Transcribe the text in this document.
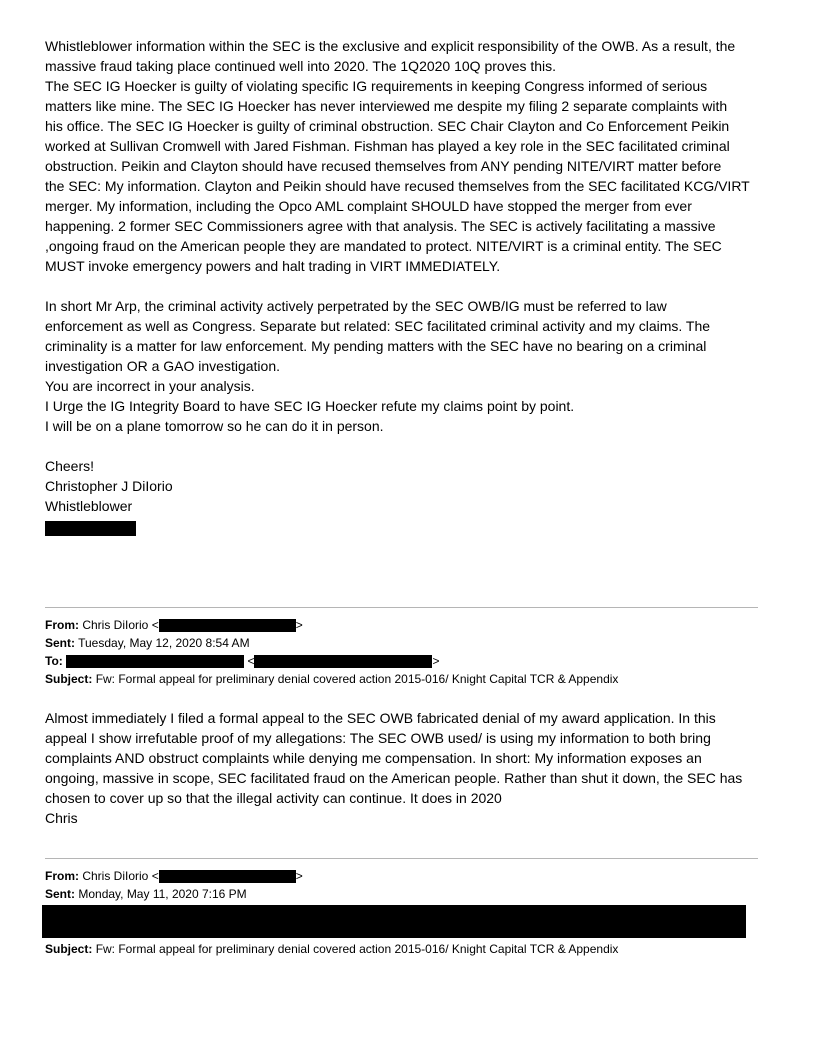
Whistleblower information within the SEC is the exclusive and explicit responsibility of the OWB. As a result, the
massive fraud taking place continued well into 2020. The 1Q2020 10Q proves this.
The SEC IG Hoecker is guilty of violating specific IG requirements in keeping Congress informed of serious
matters like mine. The SEC IG Hoecker has never interviewed me despite my filing 2 separate complaints with
his office. The SEC IG Hoecker is guilty of criminal obstruction. SEC Chair Clayton and Co Enforcement Peikin
worked at Sullivan Cromwell with Jared Fishman. Fishman has played a key role in the SEC facilitated criminal
obstruction. Peikin and Clayton should have recused themselves from ANY pending NITE/VIRT matter before
the SEC: My information. Clayton and Peikin should have recused themselves from the SEC facilitated KCG/VIRT
merger. My information, including the Opco AML complaint SHOULD have stopped the merger from ever
happening. 2 former SEC Commissioners agree with that analysis. The SEC is actively facilitating a massive
,ongoing fraud on the American people they are mandated to protect. NITE/VIRT is a criminal entity. The SEC
MUST invoke emergency powers and halt trading in VIRT IMMEDIATELY.
In short Mr Arp, the criminal activity actively perpetrated by the SEC OWB/IG must be referred to law
enforcement as well as Congress. Separate but related: SEC facilitated criminal activity and my claims. The
criminality is a matter for law enforcement. My pending matters with the SEC have no bearing on a criminal
investigation OR a GAO investigation.
You are incorrect in your analysis.
I Urge the IG Integrity Board to have SEC IG Hoecker refute my claims point by point.
I will be on a plane tomorrow so he can do it in person.
Cheers!
Christopher J DiIorio
Whistleblower
From: Chris DiIorio <	>
Sent: Tuesday, May 12, 2020 8:54 AM
To:	<	>
Subject: Fw: Formal appeal for preliminary denial covered action 2015-016/ Knight Capital TCR & Appendix
Almost immediately I filed a formal appeal to the SEC OWB fabricated denial of my award application. In this
appeal I show irrefutable proof of my allegations: The SEC OWB used/ is using my information to both bring
complaints AND obstruct complaints while denying me compensation. In short: My information exposes an
ongoing, massive in scope, SEC facilitated fraud on the American people. Rather than shut it down, the SEC has
chosen to cover up so that the illegal activity can continue. It does in 2020
Chris
From: Chris DiIorio <	>
Sent: Monday, May 11, 2020 7:16 PM
Subject: Fw: Formal appeal for preliminary denial covered action 2015-016/ Knight Capital TCR & Appendix
